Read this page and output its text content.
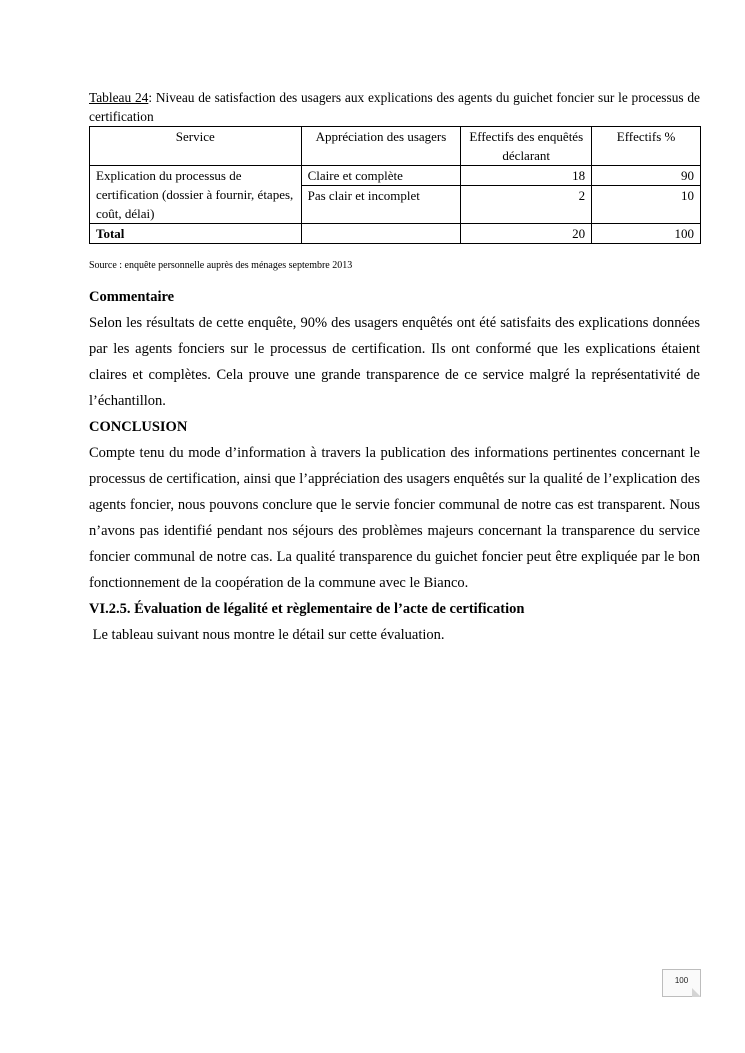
Tableau 24: Niveau de satisfaction des usagers aux explications des agents du guichet foncier sur le processus de certification
Service	Appréciation des usagers	Effectifs des enquêtés déclarant	Effectifs %
Explication du processus de certification (dossier à fournir, étapes, coût, délai)	Claire et complète	18	90
	Pas clair et incomplet	2	10
Total		20	100
Source : enquête personnelle auprès des ménages septembre 2013
Commentaire
Selon les résultats de cette enquête, 90% des usagers enquêtés ont été satisfaits des explications données par les agents fonciers sur le processus de certification. Ils ont conformé que les explications étaient claires et complètes. Cela prouve une grande transparence de ce service malgré la représentativité de l’échantillon.
CONCLUSION
Compte tenu du mode d’information à travers la publication des informations pertinentes concernant le processus de certification, ainsi que l’appréciation des usagers enquêtés sur la qualité de l’explication des agents foncier, nous pouvons conclure que le servie foncier communal de notre cas est transparent. Nous n’avons pas identifié pendant nos séjours des problèmes majeurs concernant la transparence du service foncier communal de notre cas. La qualité transparence du guichet foncier peut être expliquée par le bon fonctionnement de la coopération de la commune avec le Bianco.
VI.2.5. Évaluation de légalité et règlementaire de l’acte de certification
Le tableau suivant nous montre le détail sur cette évaluation.
100
